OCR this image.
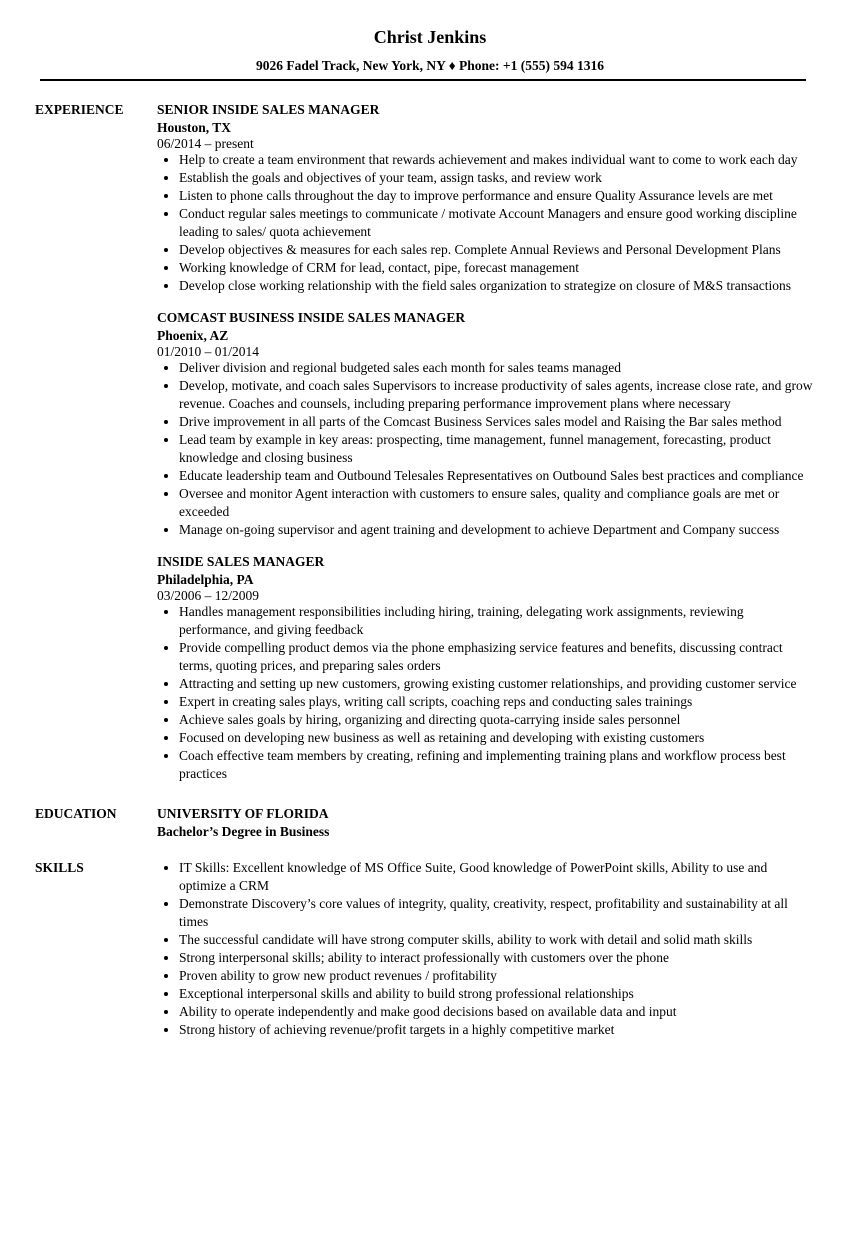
Christ Jenkins
9026 Fadel Track, New York, NY ♦ Phone: +1 (555) 594 1316
EXPERIENCE	SENIOR INSIDE SALES MANAGER
Houston, TX
06/2014 – present
• Help to create a team environment that rewards achievement and makes individual want to come to work each day
• Establish the goals and objectives of your team, assign tasks, and review work
• Listen to phone calls throughout the day to improve performance and ensure Quality Assurance levels are met
• Conduct regular sales meetings to communicate / motivate Account Managers and ensure good working discipline leading to sales/ quota achievement
• Develop objectives & measures for each sales rep. Complete Annual Reviews and Personal Development Plans
• Working knowledge of CRM for lead, contact, pipe, forecast management
• Develop close working relationship with the field sales organization to strategize on closure of M&S transactions
COMCAST BUSINESS INSIDE SALES MANAGER
Phoenix, AZ
01/2010 – 01/2014
• Deliver division and regional budgeted sales each month for sales teams managed
• Develop, motivate, and coach sales Supervisors to increase productivity of sales agents, increase close rate, and grow revenue. Coaches and counsels, including preparing performance improvement plans where necessary
• Drive improvement in all parts of the Comcast Business Services sales model and Raising the Bar sales method
• Lead team by example in key areas: prospecting, time management, funnel management, forecasting, product knowledge and closing business
• Educate leadership team and Outbound Telesales Representatives on Outbound Sales best practices and compliance
• Oversee and monitor Agent interaction with customers to ensure sales, quality and compliance goals are met or exceeded
• Manage on-going supervisor and agent training and development to achieve Department and Company success
INSIDE SALES MANAGER
Philadelphia, PA
03/2006 – 12/2009
• Handles management responsibilities including hiring, training, delegating work assignments, reviewing performance, and giving feedback
• Provide compelling product demos via the phone emphasizing service features and benefits, discussing contract terms, quoting prices, and preparing sales orders
• Attracting and setting up new customers, growing existing customer relationships, and providing customer service
• Expert in creating sales plays, writing call scripts, coaching reps and conducting sales trainings
• Achieve sales goals by hiring, organizing and directing quota-carrying inside sales personnel
• Focused on developing new business as well as retaining and developing with existing customers
• Coach effective team members by creating, refining and implementing training plans and workflow process best practices
EDUCATION	UNIVERSITY OF FLORIDA
Bachelor’s Degree in Business
SKILLS
•	IT Skills: Excellent knowledge of MS Office Suite, Good knowledge of PowerPoint skills, Ability to use and optimize a CRM
• Demonstrate Discovery’s core values of integrity, quality, creativity, respect, profitability and sustainability at all times
• The successful candidate will have strong computer skills, ability to work with detail and solid math skills
• Strong interpersonal skills; ability to interact professionally with customers over the phone
• Proven ability to grow new product revenues / profitability
• Exceptional interpersonal skills and ability to build strong professional relationships
• Ability to operate independently and make good decisions based on available data and input
• Strong history of achieving revenue/profit targets in a highly competitive market
